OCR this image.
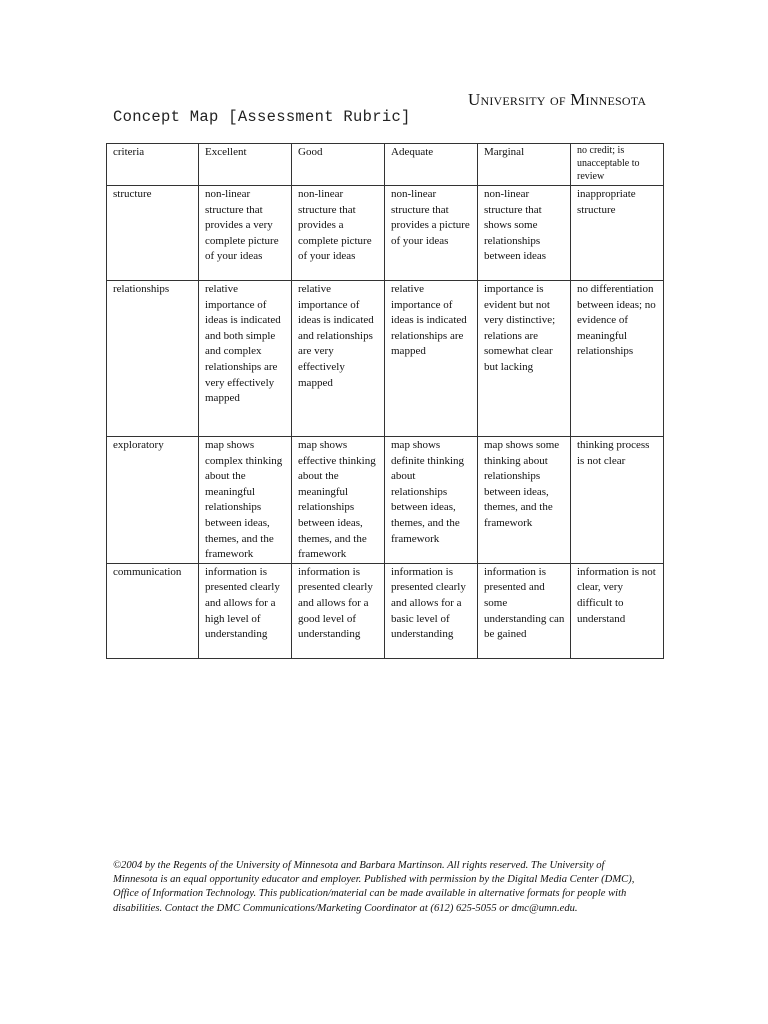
University of Minnesota
Concept Map [Assessment Rubric]
criteria	Excellent	Good	Adequate	Marginal	no credit; is unacceptable to review
structure	non-linear structure that provides a very complete picture of your ideas	non-linear structure that provides a complete picture of your ideas	non-linear structure that provides a picture of your ideas	non-linear structure that shows some relationships between ideas	inappropriate structure
relationships	relative importance of ideas is indicated and both simple and complex relationships are very effectively mapped	relative importance of ideas is indicated and relationships are very effectively mapped	relative importance of ideas is indicated relationships are mapped	importance is evident but not very distinctive; relations are somewhat clear but lacking	no differentiation between ideas; no evidence of meaningful relationships
exploratory	map shows complex thinking about the meaningful relationships between ideas, themes, and the framework	map shows effective thinking about the meaningful relationships between ideas, themes, and the framework	map shows definite thinking about relationships between ideas, themes, and the framework	map shows some thinking about relationships between ideas, themes, and the framework	thinking process is not clear
communication	information is presented clearly and allows for a high level of understanding	information is presented clearly and allows for a good level of understanding	information is presented clearly and allows for a basic level of understanding	information is presented and some understanding can be gained	information is not clear, very difficult to understand
©2004 by the Regents of the University of Minnesota and Barbara Martinson. All rights reserved. The University of Minnesota is an equal opportunity educator and employer. Published with permission by the Digital Media Center (DMC), Office of Information Technology. This publication/material can be made available in alternative formats for people with disabilities. Contact the DMC Communications/Marketing Coordinator at (612) 625-5055 or dmc@umn.edu.
